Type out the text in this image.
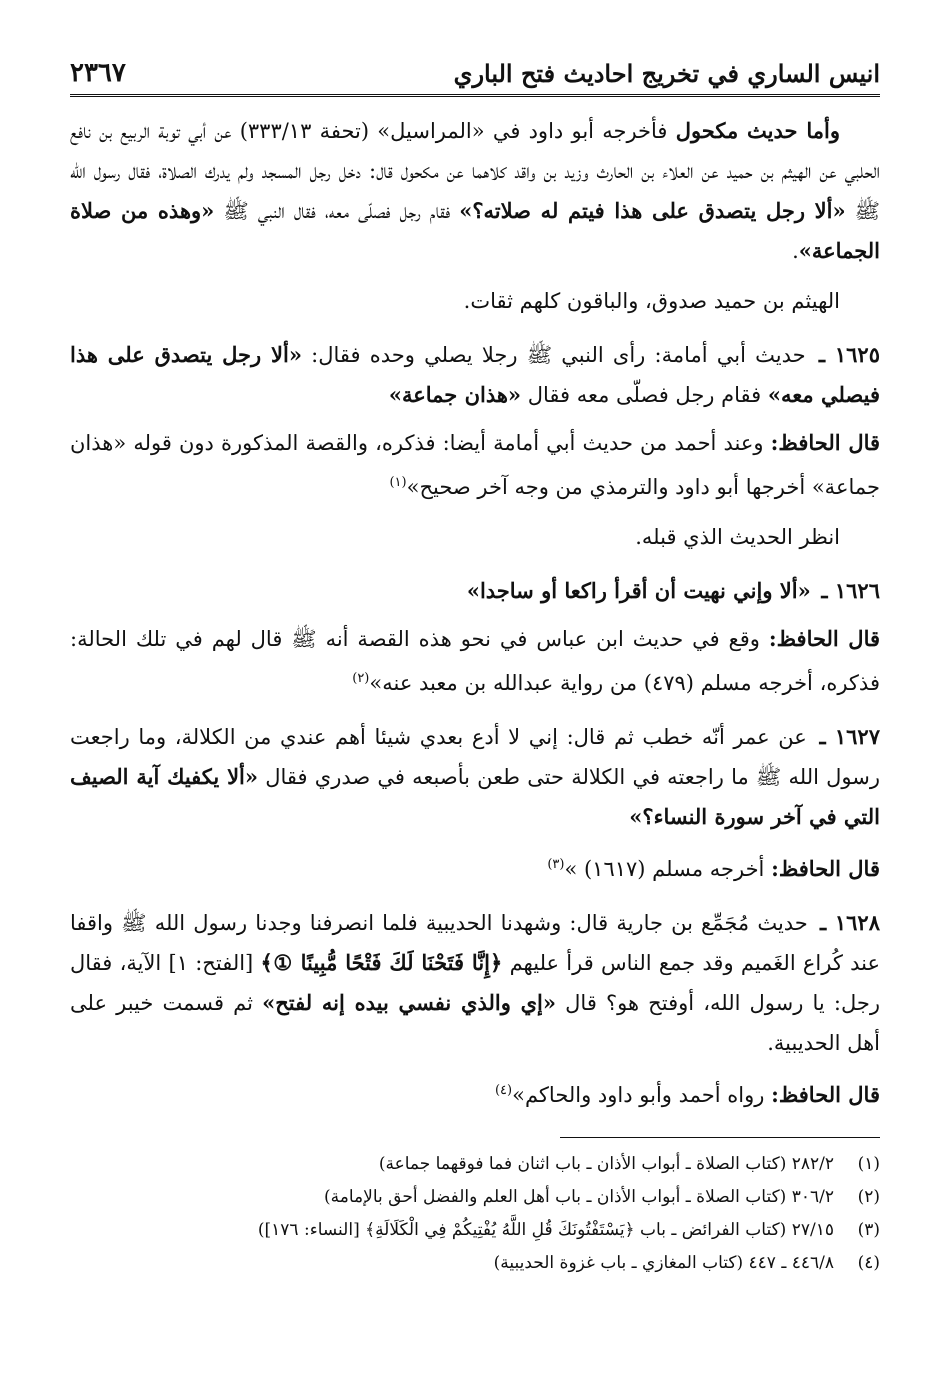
انيس الساري في تخريج احاديث فتح الباري
٢٣٦٧
وأما حديث مكحول فأخرجه أبو داود في «المراسيل» (تحفة ٣٣٣/١٣) عن أبي توبة الربيع بن نافع الحلبي عن الهيثم بن حميد عن العلاء بن الحارث وزيد بن واقد كلاهما عن مكحول قال: دخل رجل المسجد ولم يدرك الصلاة، فقال رسول الله ﷺ «ألا رجل يتصدق على هذا فيتم له صلاته؟» فقام رجل فصلّى معه، فقال النبي ﷺ «وهذه من صلاة الجماعة».
الهيثم بن حميد صدوق، والباقون كلهم ثقات.
١٦٢٥ ـ حديث أبي أمامة: رأى النبي ﷺ رجلا يصلي وحده فقال: «ألا رجل يتصدق على هذا فيصلي معه» فقام رجل فصلّى معه فقال «هذان جماعة»
قال الحافظ: وعند أحمد من حديث أبي أمامة أيضا: فذكره، والقصة المذكورة دون قوله «هذان جماعة» أخرجها أبو داود والترمذي من وجه آخر صحيح»$^{(١)}$
انظر الحديث الذي قبله.
١٦٢٦ ـ «ألا وإني نهيت أن أقرأ راكعا أو ساجدا»
قال الحافظ: وقع في حديث ابن عباس في نحو هذه القصة أنه ﷺ قال لهم في تلك الحالة: فذكره، أخرجه مسلم (٤٧٩) من رواية عبدالله بن معبد عنه»$^{(٢)}$
١٦٢٧ ـ عن عمر أنّه خطب ثم قال: إني لا أدع بعدي شيئا أهم عندي من الكلالة، وما راجعت رسول الله ﷺ ما راجعته في الكلالة حتى طعن بأصبعه في صدري فقال «ألا يكفيك آية الصيف التي في آخر سورة النساء؟»
قال الحافظ: أخرجه مسلم (١٦١٧) »$^{(٣)}$
١٦٢٨ ـ حديث مُجَمِّع بن جارية قال: وشهدنا الحديبية فلما انصرفنا وجدنا رسول الله ﷺ واقفا عند كُراع الغَميم وقد جمع الناس قرأ عليهم ﴿إِنَّا فَتَحْنَا لَكَ فَتْحًا مُّبِينًا ①﴾ [الفتح: ١] الآية، فقال رجل: يا رسول الله، أوفتح هو؟ قال «إي والذي نفسي بيده إنه لفتح» ثم قسمت خيبر على أهل الحديبية.
قال الحافظ: رواه أحمد وأبو داود والحاكم»$^{(٤)}$
(١)
٢٨٢/٢ (كتاب الصلاة ـ أبواب الأذان ـ باب اثنان فما فوقهما جماعة)
(٢)
٣٠٦/٢ (كتاب الصلاة ـ أبواب الأذان ـ باب أهل العلم والفضل أحق بالإمامة)
(٣)
٢٧/١٥ (كتاب الفرائض ـ باب ﴿يَسْتَفْتُونَكَ قُلِ اللَّهُ يُفْتِيكُمْ فِي الْكَلَالَةِ﴾ [النساء: ١٧٦])
(٤)
٤٤٦/٨ ـ ٤٤٧ (كتاب المغازي ـ باب غزوة الحديبية)
